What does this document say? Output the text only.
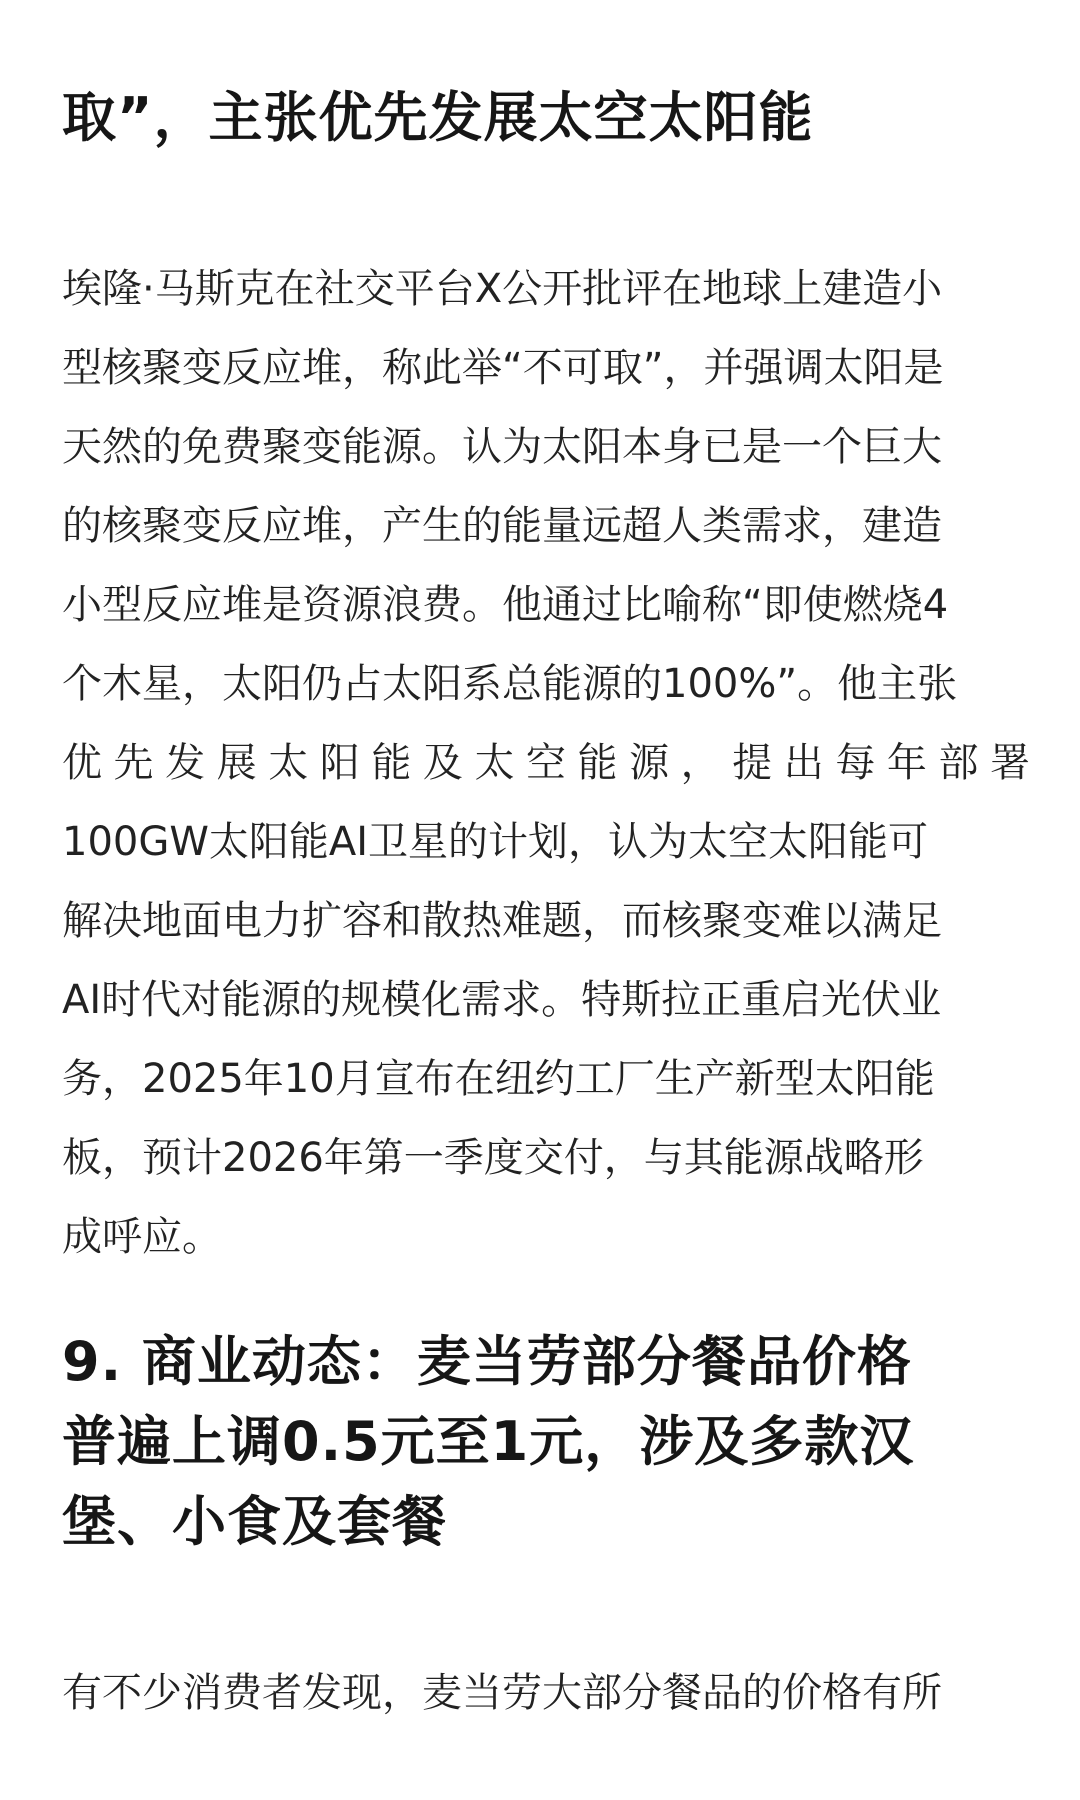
取”，主张优先发展太空太阳能
埃隆·马斯克在社交平台X公开批评在地球上建造小
型核聚变反应堆，称此举“不可取”，并强调太阳是
天然的免费聚变能源。认为太阳本身已是一个巨大
的核聚变反应堆，产生的能量远超人类需求，建造
小型反应堆是资源浪费。他通过比喻称“即使燃烧4
个木星，太阳仍占太阳系总能源的100%”。他主张
优先发展太阳能及太空能源，提出每年部署
100GW太阳能AI卫星的计划，认为太空太阳能可
解决地面电力扩容和散热难题，而核聚变难以满足
AI时代对能源的规模化需求。特斯拉正重启光伏业
务，2025年10月宣布在纽约工厂生产新型太阳能
板，预计2026年第一季度交付，与其能源战略形
成呼应。
9. 商业动态：麦当劳部分餐品价格
普遍上调0.5元至1元，涉及多款汉
堡、小食及套餐
有不少消费者发现，麦当劳大部分餐品的价格有所
